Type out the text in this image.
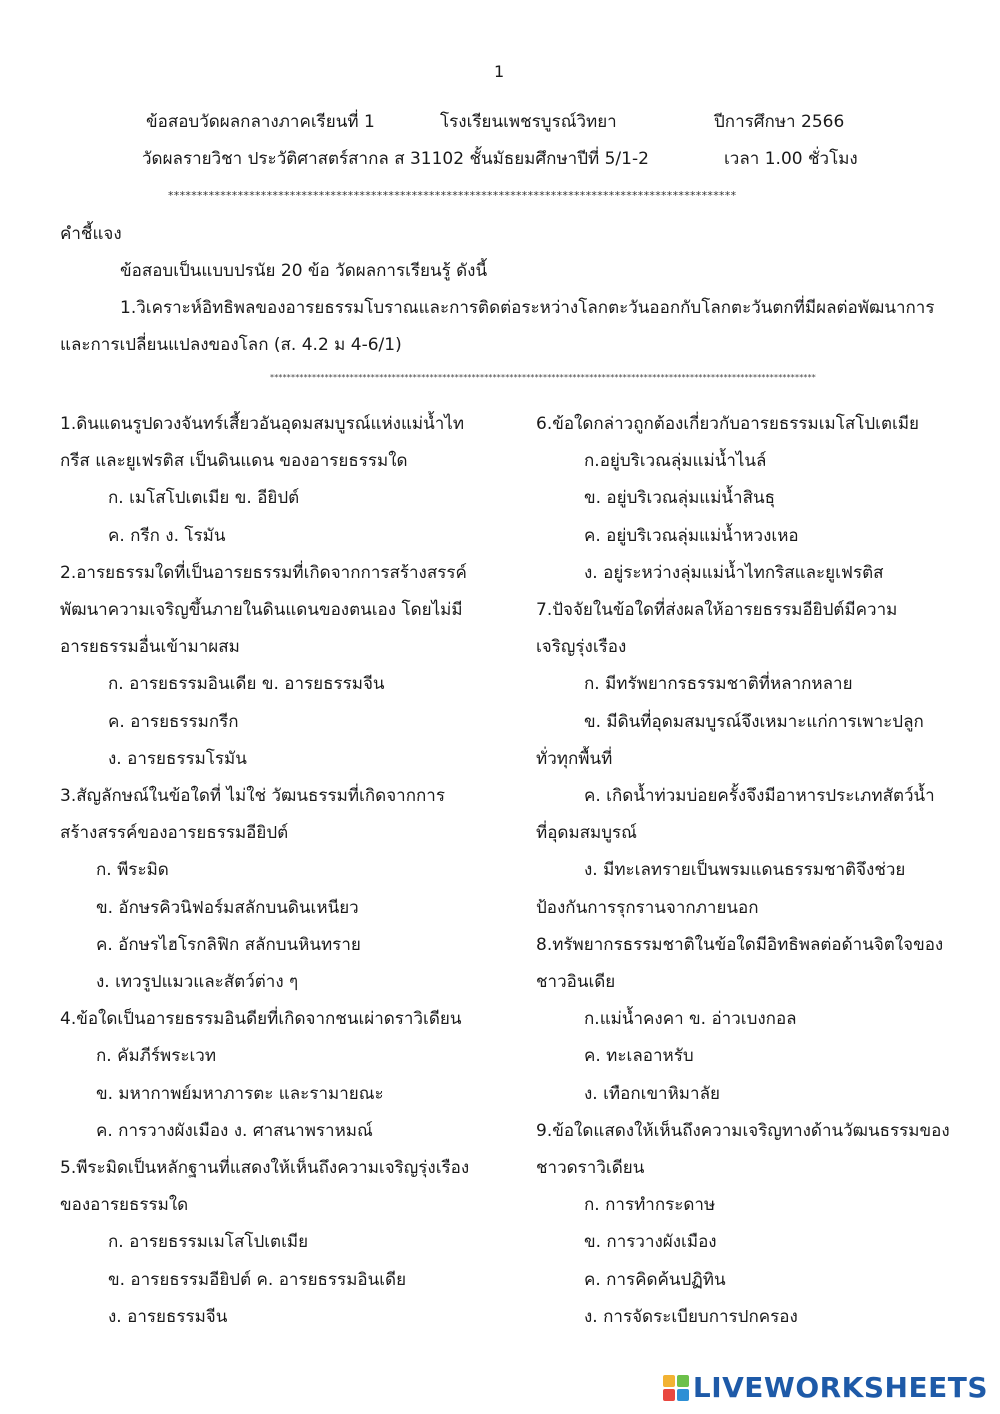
1
ข้อสอบวัดผลกลางภาคเรียนที่ 1	โรงเรียนเพชรบูรณ์วิทยา	ปีการศึกษา 2566
วัดผลรายวิชา ประวัติศาสตร์สากล ส 31102 ชั้นมัธยมศึกษาปีที่ 5/1-2	เวลา 1.00 ชั่วโมง
**************************************************************************************************
คำชี้แจง
ข้อสอบเป็นแบบปรนัย 20 ข้อ วัดผลการเรียนรู้ ดังนี้
1.วิเคราะห์อิทธิพลของอารยธรรมโบราณและการติดต่อระหว่างโลกตะวันออกกับโลกตะวันตกที่มีผลต่อพัฒนาการ
และการเปลี่ยนแปลงของโลก (ส. 4.2 ม 4-6/1)
**********************************************************************************************************************************
1.ดินแดนรูปดวงจันทร์เสี้ยวอันอุดมสมบูรณ์แห่งแม่น้ำไท
กรีส และยูเฟรติส เป็นดินแดน ของอารยธรรมใด
ก. เมโสโปเตเมีย ข. อียิปต์
ค. กรีก ง. โรมัน
2.อารยธรรมใดที่เป็นอารยธรรมที่เกิดจากการสร้างสรรค์
พัฒนาความเจริญขึ้นภายในดินแดนของตนเอง โดยไม่มี
อารยธรรมอื่นเข้ามาผสม
ก. อารยธรรมอินเดีย ข. อารยธรรมจีน
ค. อารยธรรมกรีก
ง. อารยธรรมโรมัน
3.สัญลักษณ์ในข้อใดที่ ไม่ใช่ วัฒนธรรมที่เกิดจากการ
สร้างสรรค์ของอารยธรรมอียิปต์
ก. พีระมิด
ข. อักษรคิวนิฟอร์มสลักบนดินเหนียว
ค. อักษรไฮโรกลิฟิก สลักบนหินทราย
ง. เทวรูปแมวและสัตว์ต่าง ๆ
4.ข้อใดเป็นอารยธรรมอินดียที่เกิดจากชนเผ่าดราวิเดียน
ก. คัมภีร์พระเวท
ข. มหากาพย์มหาภารตะ และรามายณะ
ค. การวางผังเมือง ง. ศาสนาพราหมณ์
5.พีระมิดเป็นหลักฐานที่แสดงให้เห็นถึงความเจริญรุ่งเรือง
ของอารยธรรมใด
ก. อารยธรรมเมโสโปเตเมีย
ข. อารยธรรมอียิปต์ ค. อารยธรรมอินเดีย
ง. อารยธรรมจีน
6.ข้อใดกล่าวถูกต้องเกี่ยวกับอารยธรรมเมโสโปเตเมีย
ก.อยู่บริเวณลุ่มแม่น้ำไนล์
ข. อยู่บริเวณลุ่มแม่น้ำสินธุ
ค. อยู่บริเวณลุ่มแม่น้ำหวงเหอ
ง. อยู่ระหว่างลุ่มแม่น้ำไทกริสและยูเฟรติส
7.ปัจจัยในข้อใดที่ส่งผลให้อารยธรรมอียิปต์มีความ
เจริญรุ่งเรือง
ก. มีทรัพยากรธรรมชาติที่หลากหลาย
ข. มีดินที่อุดมสมบูรณ์จึงเหมาะแก่การเพาะปลูก
ทั่วทุกพื้นที่
ค. เกิดน้ำท่วมบ่อยครั้งจึงมีอาหารประเภทสัตว์น้ำ
ที่อุดมสมบูรณ์
ง. มีทะเลทรายเป็นพรมแดนธรรมชาติจึงช่วย
ป้องกันการรุกรานจากภายนอก
8.ทรัพยากรธรรมชาติในข้อใดมีอิทธิพลต่อด้านจิตใจของ
ชาวอินเดีย
ก.แม่น้ำคงคา ข. อ่าวเบงกอล
ค. ทะเลอาหรับ
ง. เทือกเขาหิมาลัย
9.ข้อใดแสดงให้เห็นถึงความเจริญทางด้านวัฒนธรรมของ
ชาวดราวิเดียน
ก. การทำกระดาษ
ข. การวางผังเมือง
ค. การคิดค้นปฏิทิน
ง. การจัดระเบียบการปกครอง
LIVEWORKSHEETS
